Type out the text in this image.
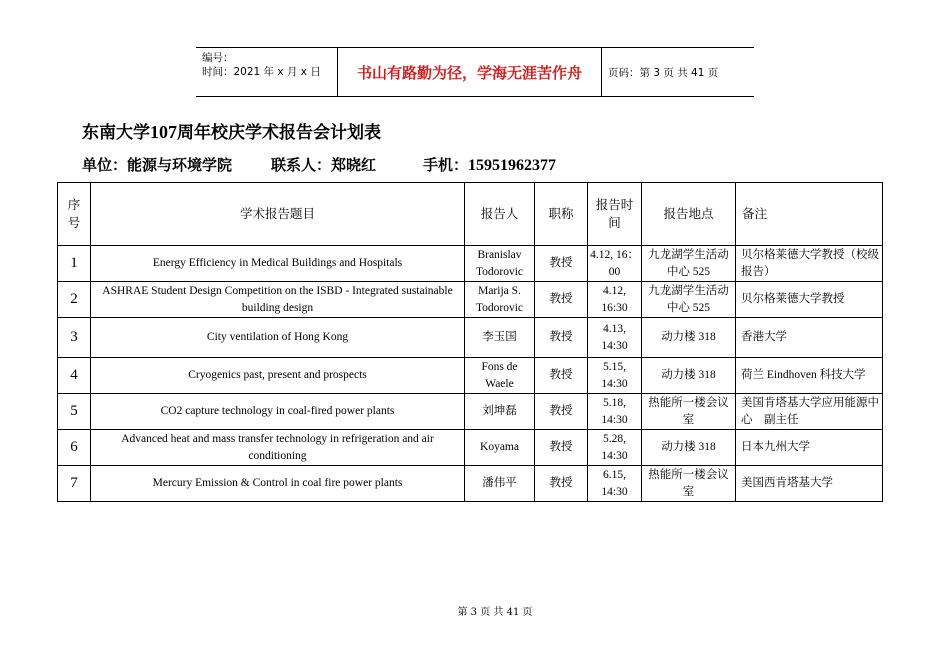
编号：
时间：2021 年 x 月 x 日	书山有路勤为径，学海无涯苦作舟	页码：第 3 页 共 41 页
东南大学107周年校庆学术报告会计划表
单位：能源与环境学院	联系人：郑晓红	手机：15951962377
序号	学术报告题目	报告人	职称	报告时间	报告地点	备注
1	Energy Efficiency in Medical Buildings and Hospitals	Branislav Todorovic	教授	4.12, 16：00	九龙湖学生活动中心 525	贝尔格莱德大学教授（校级报告）
2	ASHRAE Student Design Competition on the ISBD - Integrated sustainable building design	Marija S. Todorovic	教授	4.12, 16:30	九龙湖学生活动中心 525	贝尔格莱德大学教授
3	City ventilation of Hong Kong	李玉国	教授	4.13, 14:30	动力楼 318	香港大学
4	Cryogenics past, present and prospects	Fons de Waele	教授	5.15, 14:30	动力楼 318	荷兰 Eindhoven 科技大学
5	CO2 capture technology in coal-fired power plants	刘坤磊	教授	5.18, 14:30	热能所一楼会议室	美国肯塔基大学应用能源中心　副主任
6	Advanced heat and mass transfer technology in refrigeration and air conditioning	Koyama	教授	5.28, 14:30	动力楼 318	日本九州大学
7	Mercury Emission & Control in coal fire power plants	潘伟平	教授	6.15, 14:30	热能所一楼会议室	美国西肯塔基大学
第 3 页 共 41 页
